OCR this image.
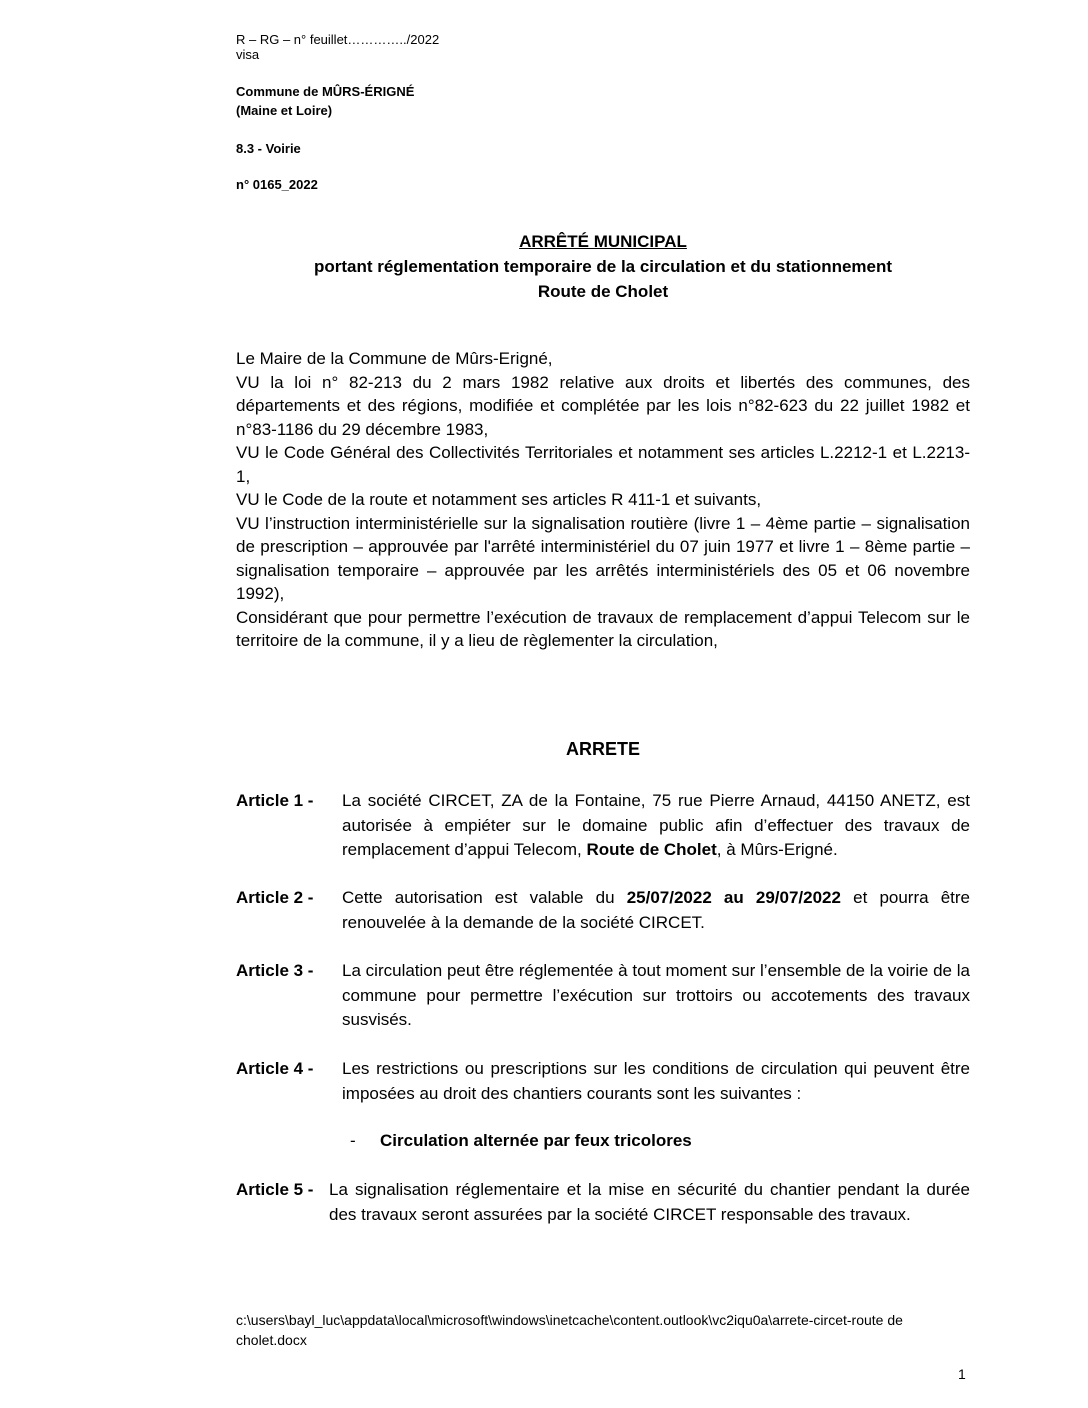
R – RG – n° feuillet…………../2022
visa
Commune de MÛRS-ÉRIGNÉ
(Maine et Loire)
8.3 - Voirie
n° 0165_2022
ARRÊTÉ MUNICIPAL
portant réglementation temporaire de la circulation et du stationnement
Route de Cholet

Le Maire de la Commune de Mûrs-Erigné,

VU la loi n° 82-213 du 2 mars 1982 relative aux droits et libertés des communes, des départements et des régions, modifiée et complétée par les lois n°82-623 du 22 juillet 1982 et n°83-1186 du 29 décembre 1983,

VU le Code Général des Collectivités Territoriales et notamment ses articles L.2212-1 et L.2213-1,

VU le Code de la route et notamment ses articles R 411-1 et suivants,

VU l’instruction interministérielle sur la signalisation routière (livre 1 – 4ème partie – signalisation de prescription – approuvée par l'arrêté interministériel du 07 juin 1977 et livre 1 – 8ème partie – signalisation temporaire – approuvée par les arrêtés interministériels des 05 et 06 novembre 1992),

Considérant que pour permettre l’exécution de travaux de remplacement d’appui Telecom sur le territoire de la commune, il y a lieu de règlementer la circulation,

ARRETE
Article 1 - La société CIRCET, ZA de la Fontaine, 75 rue Pierre Arnaud, 44150 ANETZ, est autorisée à empiéter sur le domaine public afin d’effectuer des travaux de remplacement d’appui Telecom, Route de Cholet, à Mûrs-Erigné.
Article 2 - Cette autorisation est valable du 25/07/2022 au 29/07/2022 et pourra être renouvelée à la demande de la société CIRCET.
Article 3 - La circulation peut être réglementée à tout moment sur l’ensemble de la voirie de la commune pour permettre l’exécution sur trottoirs ou accotements des travaux susvisés.
Article 4 - Les restrictions ou prescriptions sur les conditions de circulation qui peuvent être imposées au droit des chantiers courants sont les suivantes :
- Circulation alternée par feux tricolores
Article 5 - La signalisation réglementaire et la mise en sécurité du chantier pendant la durée des travaux seront assurées par la société CIRCET responsable des travaux.
c:\users\bayl_luc\appdata\local\microsoft\windows\inetcache\content.outlook\vc2iqu0a\arrete-circet-route de cholet.docx
1
